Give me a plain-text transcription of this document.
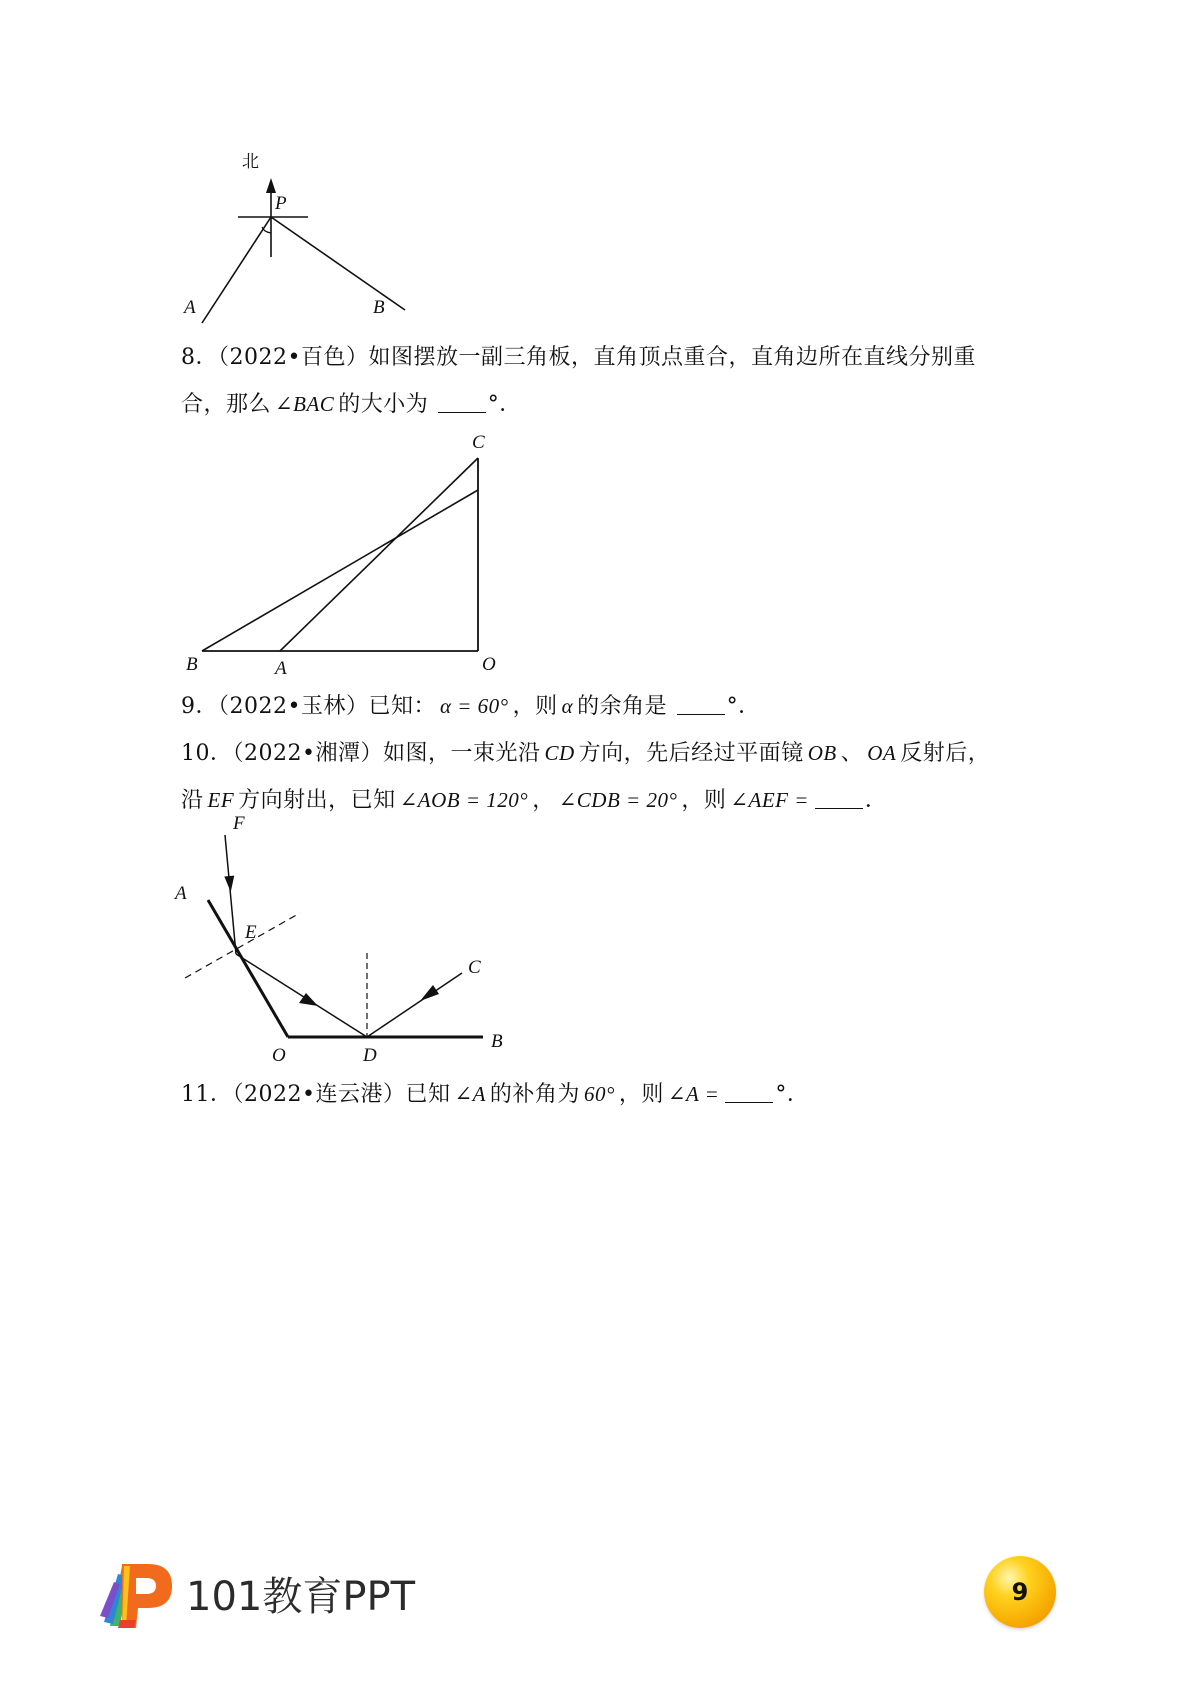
北
P
A	B
8．（2022•百色）如图摆放一副三角板，直角顶点重合，直角边所在直线分别重
合，那么 ∠BAC 的大小为	°．
C
B	A	O
9．（2022•玉林）已知： α = 60° ，则 α 的余角是	°．
10．（2022•湘潭）如图，一束光沿 CD 方向，先后经过平面镜 OB 、 OA 反射后，
沿 EF 方向射出，已知 ∠AOB = 120° ， ∠CDB = 20° ，则 ∠AEF =	．
F
A
E
C
O	D
B
11．（2022•连云港）已知 ∠A 的补角为 60° ，则 ∠A =	°．
101教育PPT	9
